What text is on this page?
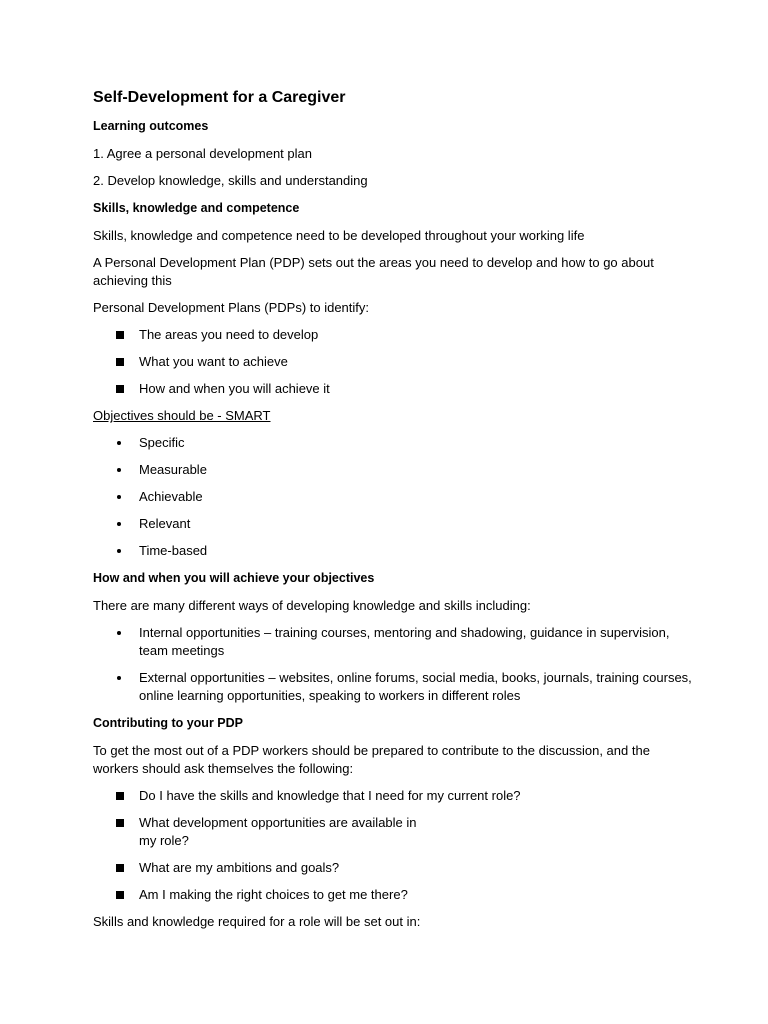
Self-Development for a Caregiver
Learning outcomes
1. Agree a personal development plan
2. Develop knowledge, skills and understanding
Skills, knowledge and competence
Skills, knowledge and competence need to be developed throughout your working life
A Personal Development Plan (PDP) sets out the areas you need to develop and how to go about achieving this
Personal Development Plans (PDPs) to identify:
The areas you need to develop
What you want to achieve
How and when you will achieve it
Objectives should be - SMART
Specific
Measurable
Achievable
Relevant
Time-based
How and when you will achieve your objectives
There are many different ways of developing knowledge and skills including:
Internal opportunities – training courses, mentoring and shadowing, guidance in supervision, team meetings
External opportunities – websites, online forums, social media, books, journals, training courses, online learning opportunities, speaking to workers in different roles
Contributing to your PDP
To get the most out of a PDP workers should be prepared to contribute to the discussion, and the workers should ask themselves the following:
Do I have the skills and knowledge that I need for my current role?
What development opportunities are available in my role?
What are my ambitions and goals?
Am I making the right choices to get me there?
Skills and knowledge required for a role will be set out in:
